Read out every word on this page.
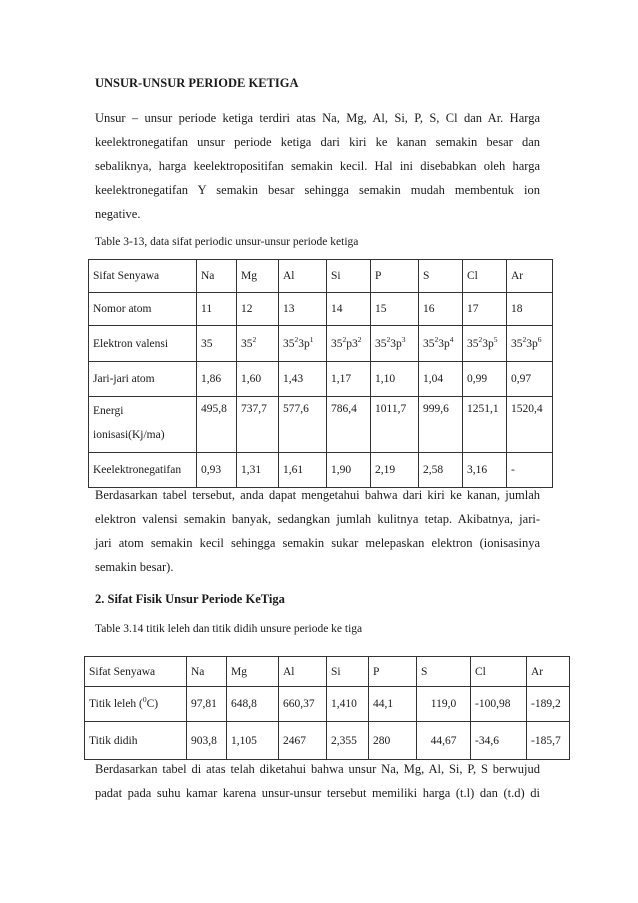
UNSUR-UNSUR PERIODE KETIGA
Unsur – unsur periode ketiga terdiri atas Na, Mg, Al, Si, P, S, Cl dan Ar. Harga
keelektronegatifan unsur periode ketiga dari kiri ke kanan semakin besar dan
sebaliknya, harga keelektropositifan semakin kecil. Hal ini disebabkan oleh harga
keelektronegatifan Y semakin besar sehingga semakin mudah membentuk ion
negative.
Table 3-13, data sifat periodic unsur-unsur periode ketiga
Sifat Senyawa	Na	Mg	Al	Si	P	S	Cl	Ar
Nomor atom	11	12	13	14	15	16	17	18
Elektron valensi	35	$35^2$	$35^23p^1$	$35^2p3^2$	$35^23p^3$	$35^23p^4$	$35^23p^5$	$35^23p^6$
Jari-jari atom	1,86	1,60	1,43	1,17	1,10	1,04	0,99	0,97

Energi
ionisasi(Kj/ma)	495,8	737,7	577,6	786,4	1011,7	999,6	1251,1	1520,4
Keelektronegatifan	0,93	1,31	1,61	1,90	2,19	2,58	3,16	-
Berdasarkan tabel tersebut, anda dapat mengetahui bahwa dari kiri ke kanan, jumlah
elektron valensi semakin banyak, sedangkan jumlah kulitnya tetap. Akibatnya, jari-
jari atom semakin kecil sehingga semakin sukar melepaskan elektron (ionisasinya
semakin besar).
2. Sifat Fisik Unsur Periode KeTiga
Table 3.14 titik leleh dan titik didih unsure periode ke tiga
Sifat Senyawa	Na	Mg	Al	Si	P	S	Cl	Ar
Titik leleh ($^0$C)	97,81	648,8	660,37	1,410	44,1	119,0	-100,98	-189,2
Titik didih	903,8	1,105	2467	2,355	280	44,67	-34,6	-185,7
Berdasarkan tabel di atas telah diketahui bahwa unsur Na, Mg, Al, Si, P, S berwujud
padat pada suhu kamar karena unsur-unsur tersebut memiliki harga (t.l) dan (t.d) di
